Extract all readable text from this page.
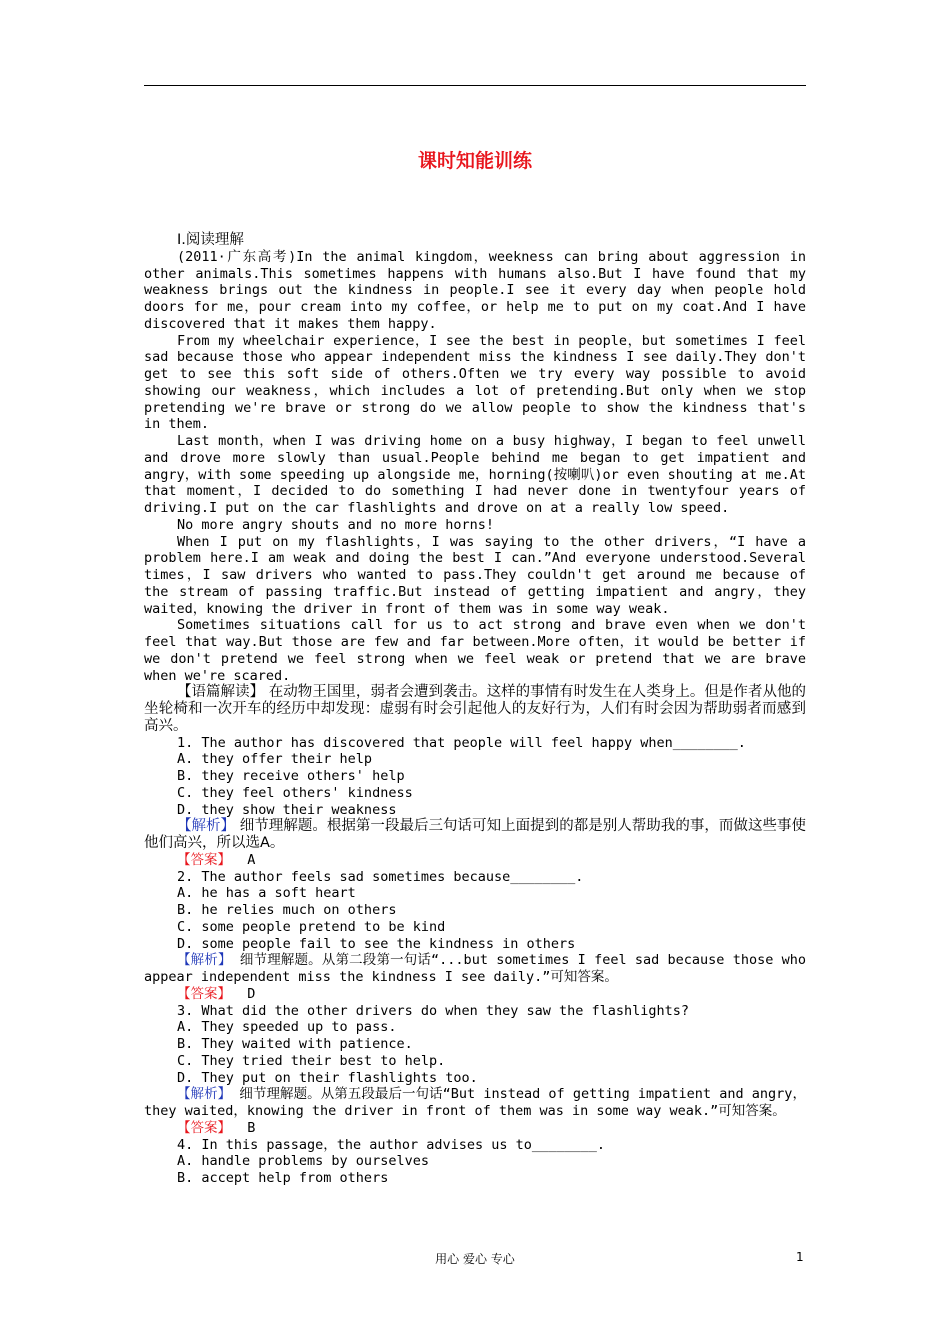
课时知能训练

Ⅰ.阅读理解

(2011·广东高考)In the animal kingdom，weekness can bring about aggression in other animals.This sometimes happens with humans also.But I have found that my weakness brings out the kindness in people.I see it every day when people hold doors for me，pour cream into my coffee，or help me to put on my coat.And I have discovered that it makes them happy.

From my wheelchair experience，I see the best in people，but sometimes I feel sad because those who appear independent miss the kindness I see daily.They don't get to see this soft side of others.Often we try every way possible to avoid showing our weakness，which includes a lot of pretending.But only when we stop pretending we're brave or strong do we allow people to show the kindness that's in them.

Last month，when I was driving home on a busy highway，I began to feel unwell and drove more slowly than usual.People behind me began to get impatient and angry，with some speeding up alongside me，horning(按喇叭)or even shouting at me.At that moment，I decided to do something I had never done in twentyfour years of driving.I put on the car flashlights and drove on at a really low speed.

No more angry shouts and no more horns!

When I put on my flashlights，I was saying to the other drivers，“I have a problem here.I am weak and doing the best I can.”And everyone understood.Several times，I saw drivers who wanted to pass.They couldn't get around me because of the stream of passing traffic.But instead of getting impatient and angry，they waited，knowing the driver in front of them was in some way weak.

Sometimes situations call for us to act strong and brave even when we don't feel that way.But those are few and far between.More often，it would be better if we don't pretend we feel strong when we feel weak or pretend that we are brave when we're scared.

【语篇解读】 在动物王国里，弱者会遭到袭击。这样的事情有时发生在人类身上。但是作者从他的坐轮椅和一次开车的经历中却发现：虚弱有时会引起他人的友好行为，人们有时会因为帮助弱者而感到高兴。

1. The author has discovered that people will feel happy when________.

A. they offer their help

B. they receive others' help

C. they feel others' kindness

D. they show their weakness

【解析】 细节理解题。根据第一段最后三句话可知上面提到的都是别人帮助我的事，而做这些事使他们高兴，所以选A。

【答案】 A

2. The author feels sad sometimes because________.

A. he has a soft heart

B. he relies much on others

C. some people pretend to be kind

D. some people fail to see the kindness in others

【解析】 细节理解题。从第二段第一句话“...but sometimes I feel sad because those who appear independent miss the kindness I see daily.”可知答案。

【答案】 D

3. What did the other drivers do when they saw the flashlights?

A. They speeded up to pass.

B. They waited with patience.

C. They tried their best to help.

D. They put on their flashlights too.

【解析】 细节理解题。从第五段最后一句话“But instead of getting impatient and angry，they waited，knowing the driver in front of them was in some way weak.”可知答案。

【答案】 B

4. In this passage，the author advises us to________.

A. handle problems by ourselves

B. accept help from others

用心 爱心 专心	1
